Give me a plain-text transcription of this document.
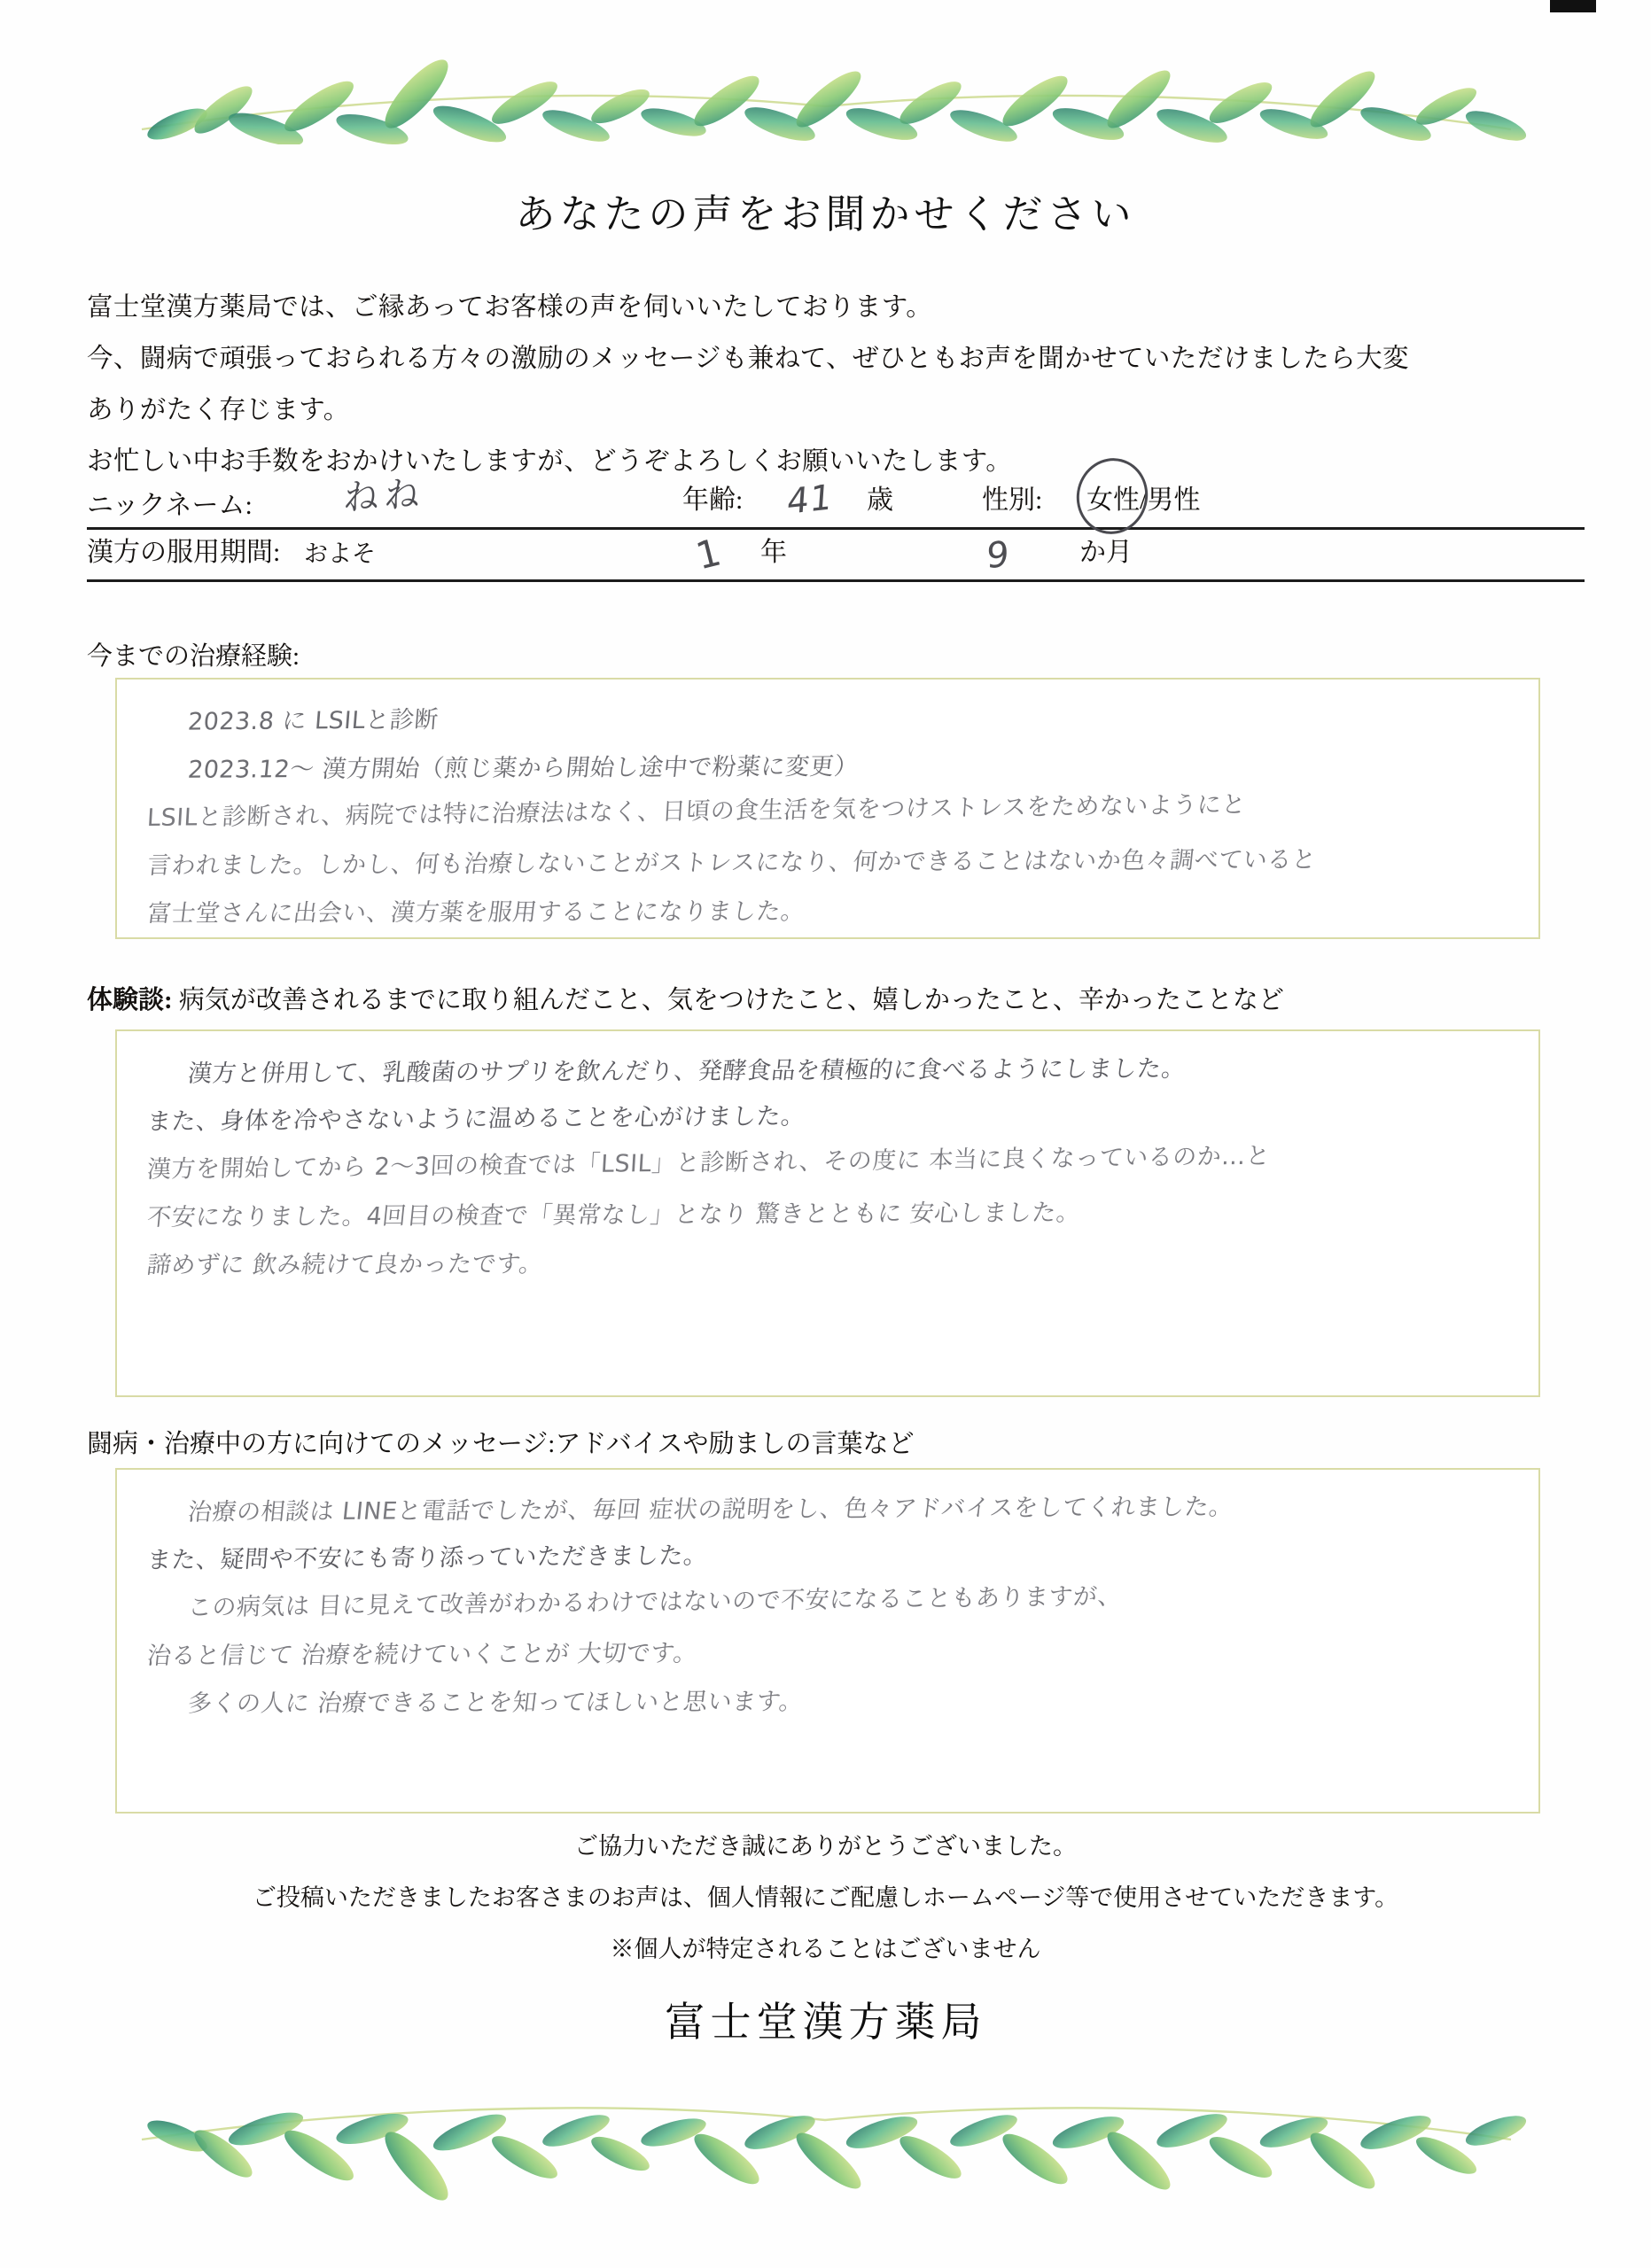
あなたの声をお聞かせください
富士堂漢方薬局では、ご縁あってお客様の声を伺いいたしております。
今、闘病で頑張っておられる方々の激励のメッセージも兼ねて、ぜひともお声を聞かせていただけましたら大変
ありがたく存じます。
お忙しい中お手数をおかけいたしますが、どうぞよろしくお願いいたします。
ニックネーム:	ねね	年齢: 41 歳	性別: 女性/男性
漢方の服用期間: およそ	1 年	9	か月
今までの治療経験:
2023.8 に LSILと診断
2023.12～ 漢方開始（煎じ薬から開始し途中で粉薬に変更）
LSILと診断され、病院では特に治療法はなく、日頃の食生活を気をつけストレスをためないようにと
言われました。しかし、何も治療しないことがストレスになり、何かできることはないか色々調べていると
富士堂さんに出会い、漢方薬を服用することになりました。
体験談: 病気が改善されるまでに取り組んだこと、気をつけたこと、嬉しかったこと、辛かったことなど
漢方と併用して、乳酸菌のサプリを飲んだり、発酵食品を積極的に食べるようにしました。
また、身体を冷やさないように温めることを心がけました。
漢方を開始してから 2～3回の検査では「LSIL」と診断され、その度に 本当に良くなっているのか…と
不安になりました。4回目の検査で「異常なし」となり 驚きとともに 安心しました。
諦めずに 飲み続けて良かったです。
闘病・治療中の方に向けてのメッセージ:アドバイスや励ましの言葉など
治療の相談は LINEと電話でしたが、毎回 症状の説明をし、色々アドバイスをしてくれました。
また、疑問や不安にも寄り添っていただきました。
この病気は 目に見えて改善がわかるわけではないので不安になることもありますが、
治ると信じて 治療を続けていくことが 大切です。
多くの人に 治療できることを知ってほしいと思います。
ご協力いただき誠にありがとうございました。
ご投稿いただきましたお客さまのお声は、個人情報にご配慮しホームページ等で使用させていただきます。
※個人が特定されることはございません
富士堂漢方薬局
